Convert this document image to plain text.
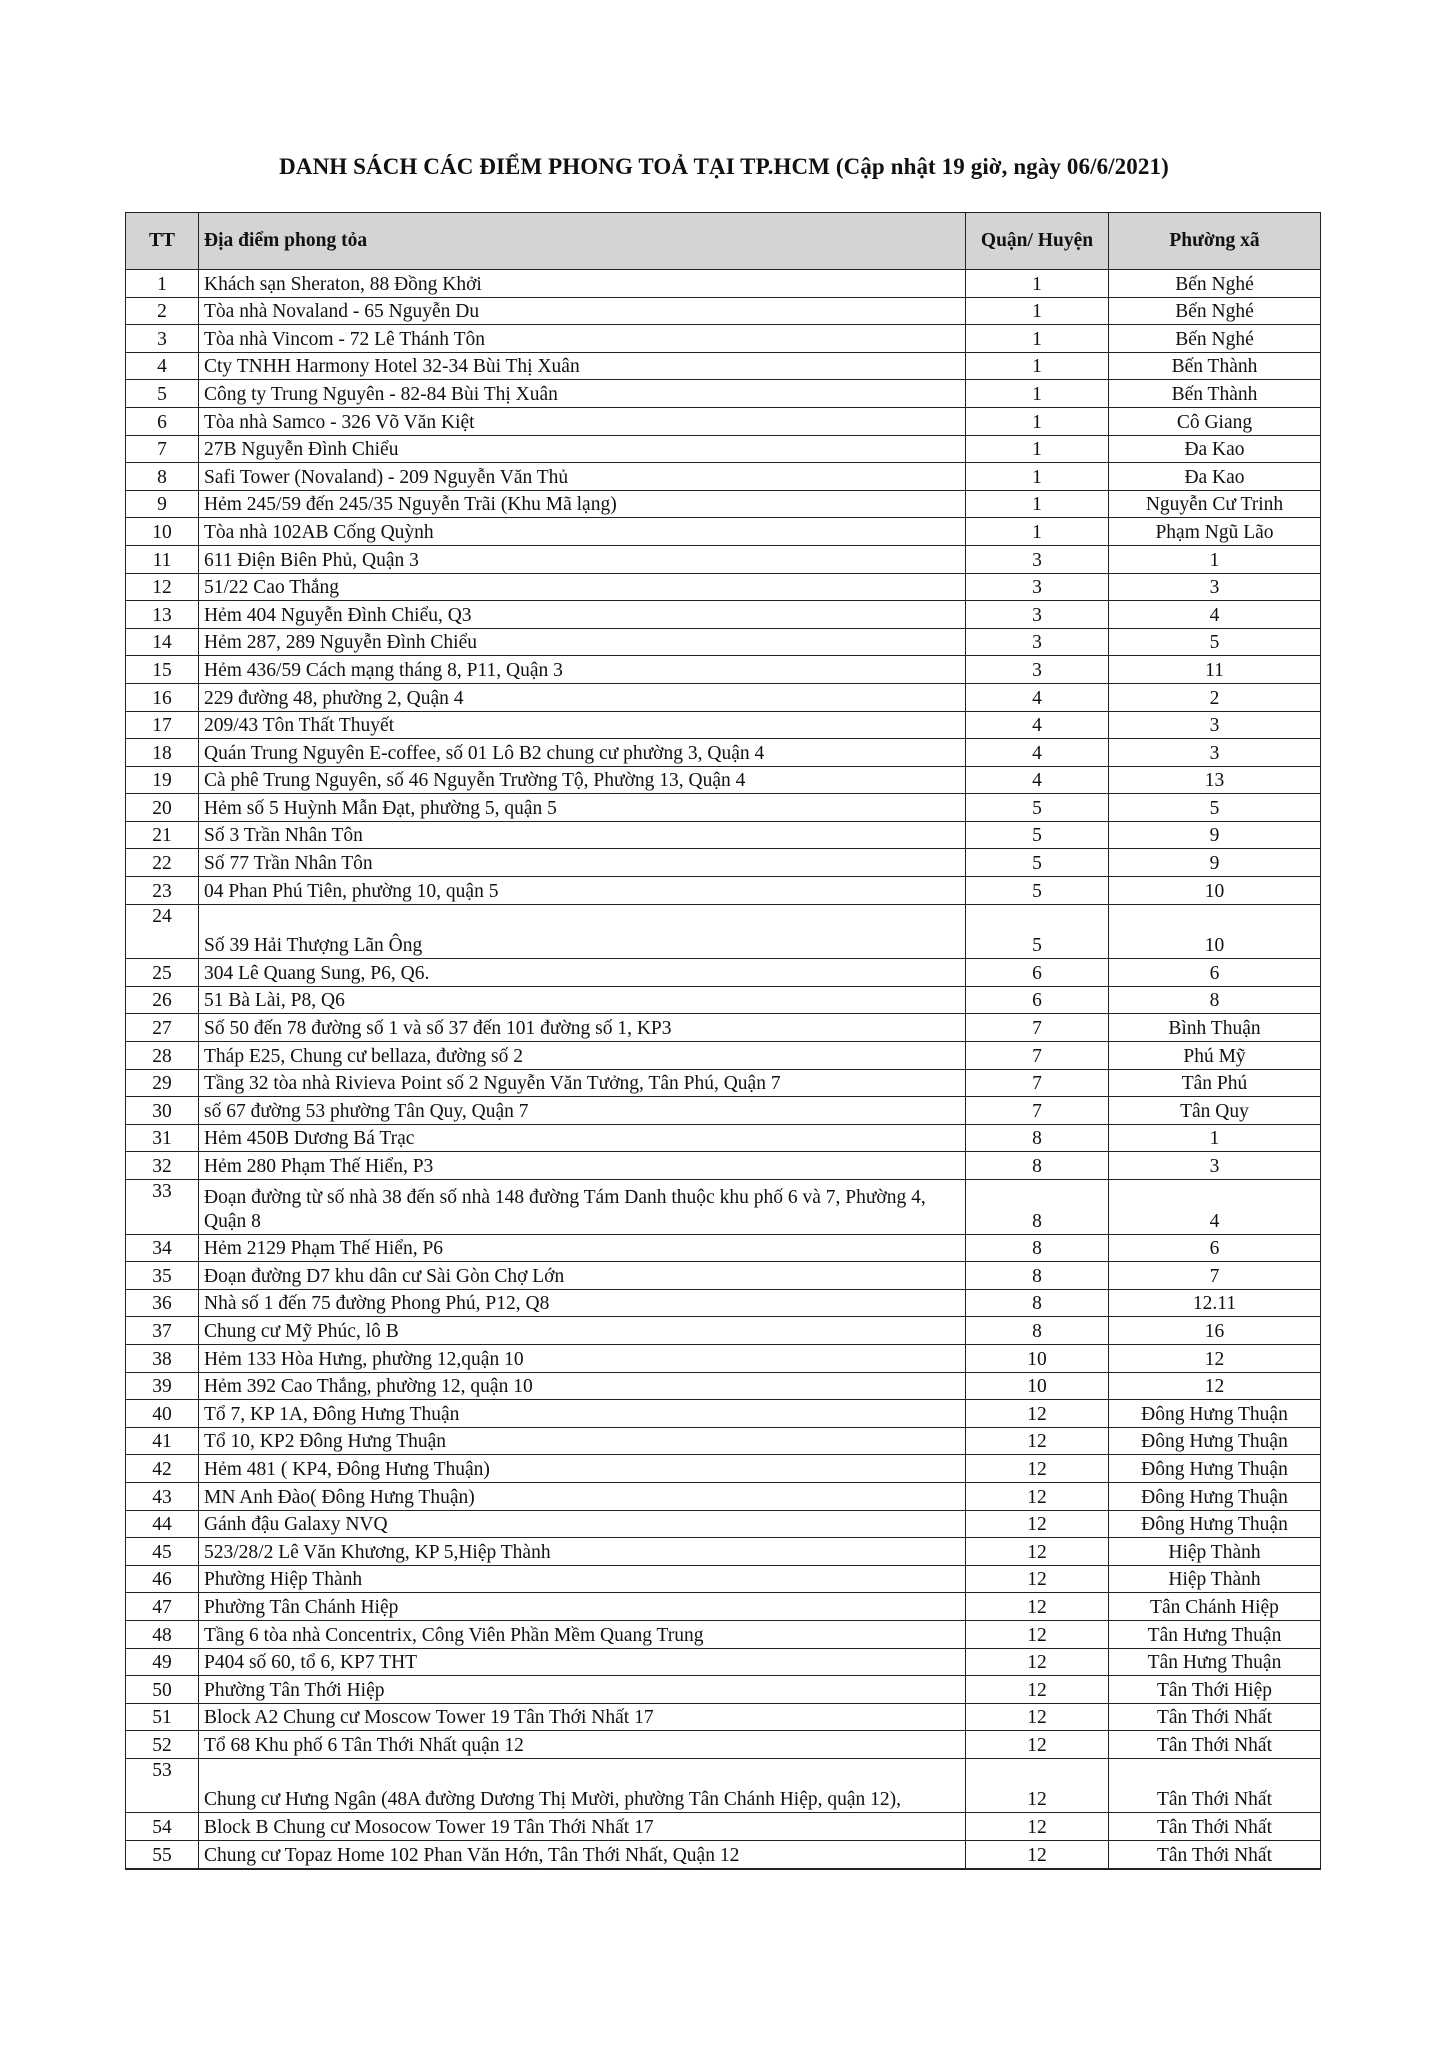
DANH SÁCH CÁC ĐIỂM PHONG TOẢ TẠI TP.HCM (Cập nhật 19 giờ, ngày 06/6/2021)
TT	Địa điểm phong tỏa	Quận/ Huyện	Phường xã
1	Khách sạn Sheraton, 88 Đồng Khởi	1	Bến Nghé
2	Tòa nhà Novaland - 65 Nguyễn Du	1	Bến Nghé
3	Tòa nhà Vincom - 72 Lê Thánh Tôn	1	Bến Nghé
4	Cty TNHH Harmony Hotel 32-34 Bùi Thị Xuân	1	Bến Thành
5	Công ty Trung Nguyên - 82-84 Bùi Thị Xuân	1	Bến Thành
6	Tòa nhà Samco - 326 Võ Văn Kiệt	1	Cô Giang
7	27B Nguyễn Đình Chiểu	1	Đa Kao
8	Safi Tower (Novaland) - 209 Nguyễn Văn Thủ	1	Đa Kao
9	Hẻm 245/59 đến 245/35 Nguyễn Trãi (Khu Mã lạng)	1	Nguyễn Cư Trinh
10	Tòa nhà 102AB Cống Quỳnh	1	Phạm Ngũ Lão
11	611 Điện Biên Phủ, Quận 3	3	1
12	51/22 Cao Thắng	3	3
13	Hẻm 404 Nguyễn Đình Chiểu, Q3	3	4
14	Hẻm 287, 289 Nguyễn Đình Chiểu	3	5
15	Hẻm 436/59 Cách mạng tháng 8, P11, Quận 3	3	11
16	229 đường 48, phường 2, Quận 4	4	2
17	209/43 Tôn Thất Thuyết	4	3
18	Quán Trung Nguyên E-coffee, số 01 Lô B2 chung cư phường 3, Quận 4	4	3
19	Cà phê Trung Nguyên, số 46 Nguyễn Trường Tộ, Phường 13, Quận 4	4	13
20	Hẻm số 5 Huỳnh Mẫn Đạt, phường 5, quận 5	5	5
21	Số 3 Trần Nhân Tôn	5	9
22	Số 77 Trần Nhân Tôn	5	9
23	04 Phan Phú Tiên, phường 10, quận 5	5	10
24	Số 39 Hải Thượng Lãn Ông	5	10
25	304 Lê Quang Sung, P6, Q6.	6	6
26	51 Bà Lài, P8, Q6	6	8
27	Số 50 đến 78 đường số 1 và số 37 đến 101 đường số 1, KP3	7	Bình Thuận
28	Tháp E25, Chung cư bellaza, đường số 2	7	Phú Mỹ
29	Tầng 32 tòa nhà Rivieva Point số 2 Nguyễn Văn Tưởng, Tân Phú, Quận 7	7	Tân Phú
30	số 67 đường 53 phường Tân Quy, Quận 7	7	Tân Quy
31	Hẻm 450B Dương Bá Trạc	8	1
32	Hẻm 280 Phạm Thế Hiển, P3	8	3
33	Đoạn đường từ số nhà 38 đến số nhà 148 đường Tám Danh thuộc khu phố 6 và 7, Phường 4, Quận 8	8	4
34	Hẻm 2129 Phạm Thế Hiển, P6	8	6
35	Đoạn đường D7 khu dân cư Sài Gòn Chợ Lớn	8	7
36	Nhà số 1 đến 75 đường Phong Phú, P12, Q8	8	12.11
37	Chung cư Mỹ Phúc, lô B	8	16
38	Hẻm 133 Hòa Hưng, phường 12,quận 10	10	12
39	Hẻm 392 Cao Thắng, phường 12, quận 10	10	12
40	Tổ 7, KP 1A, Đông Hưng Thuận	12	Đông Hưng Thuận
41	Tổ 10, KP2 Đông Hưng Thuận	12	Đông Hưng Thuận
42	Hẻm 481 ( KP4, Đông Hưng Thuận)	12	Đông Hưng Thuận
43	MN Anh Đào( Đông Hưng Thuận)	12	Đông Hưng Thuận
44	Gánh đậu Galaxy NVQ	12	Đông Hưng Thuận
45	523/28/2 Lê Văn Khương, KP 5,Hiệp Thành	12	Hiệp Thành
46	Phường Hiệp Thành	12	Hiệp Thành
47	Phường Tân Chánh Hiệp	12	Tân Chánh Hiệp
48	Tầng 6 tòa nhà Concentrix, Công Viên Phần Mềm Quang Trung	12	Tân Hưng Thuận
49	P404 số 60, tổ 6, KP7 THT	12	Tân Hưng Thuận
50	Phường Tân Thới Hiệp	12	Tân Thới Hiệp
51	Block A2 Chung cư Moscow Tower 19 Tân Thới Nhất 17	12	Tân Thới Nhất
52	Tổ 68 Khu phố 6 Tân Thới Nhất quận 12	12	Tân Thới Nhất
53	Chung cư Hưng Ngân (48A đường Dương Thị Mười, phường Tân Chánh Hiệp, quận 12),	12	Tân Thới Nhất
54	Block B Chung cư Mosocow Tower 19 Tân Thới Nhất 17	12	Tân Thới Nhất
55	Chung cư Topaz Home 102 Phan Văn Hớn, Tân Thới Nhất, Quận 12	12	Tân Thới Nhất
